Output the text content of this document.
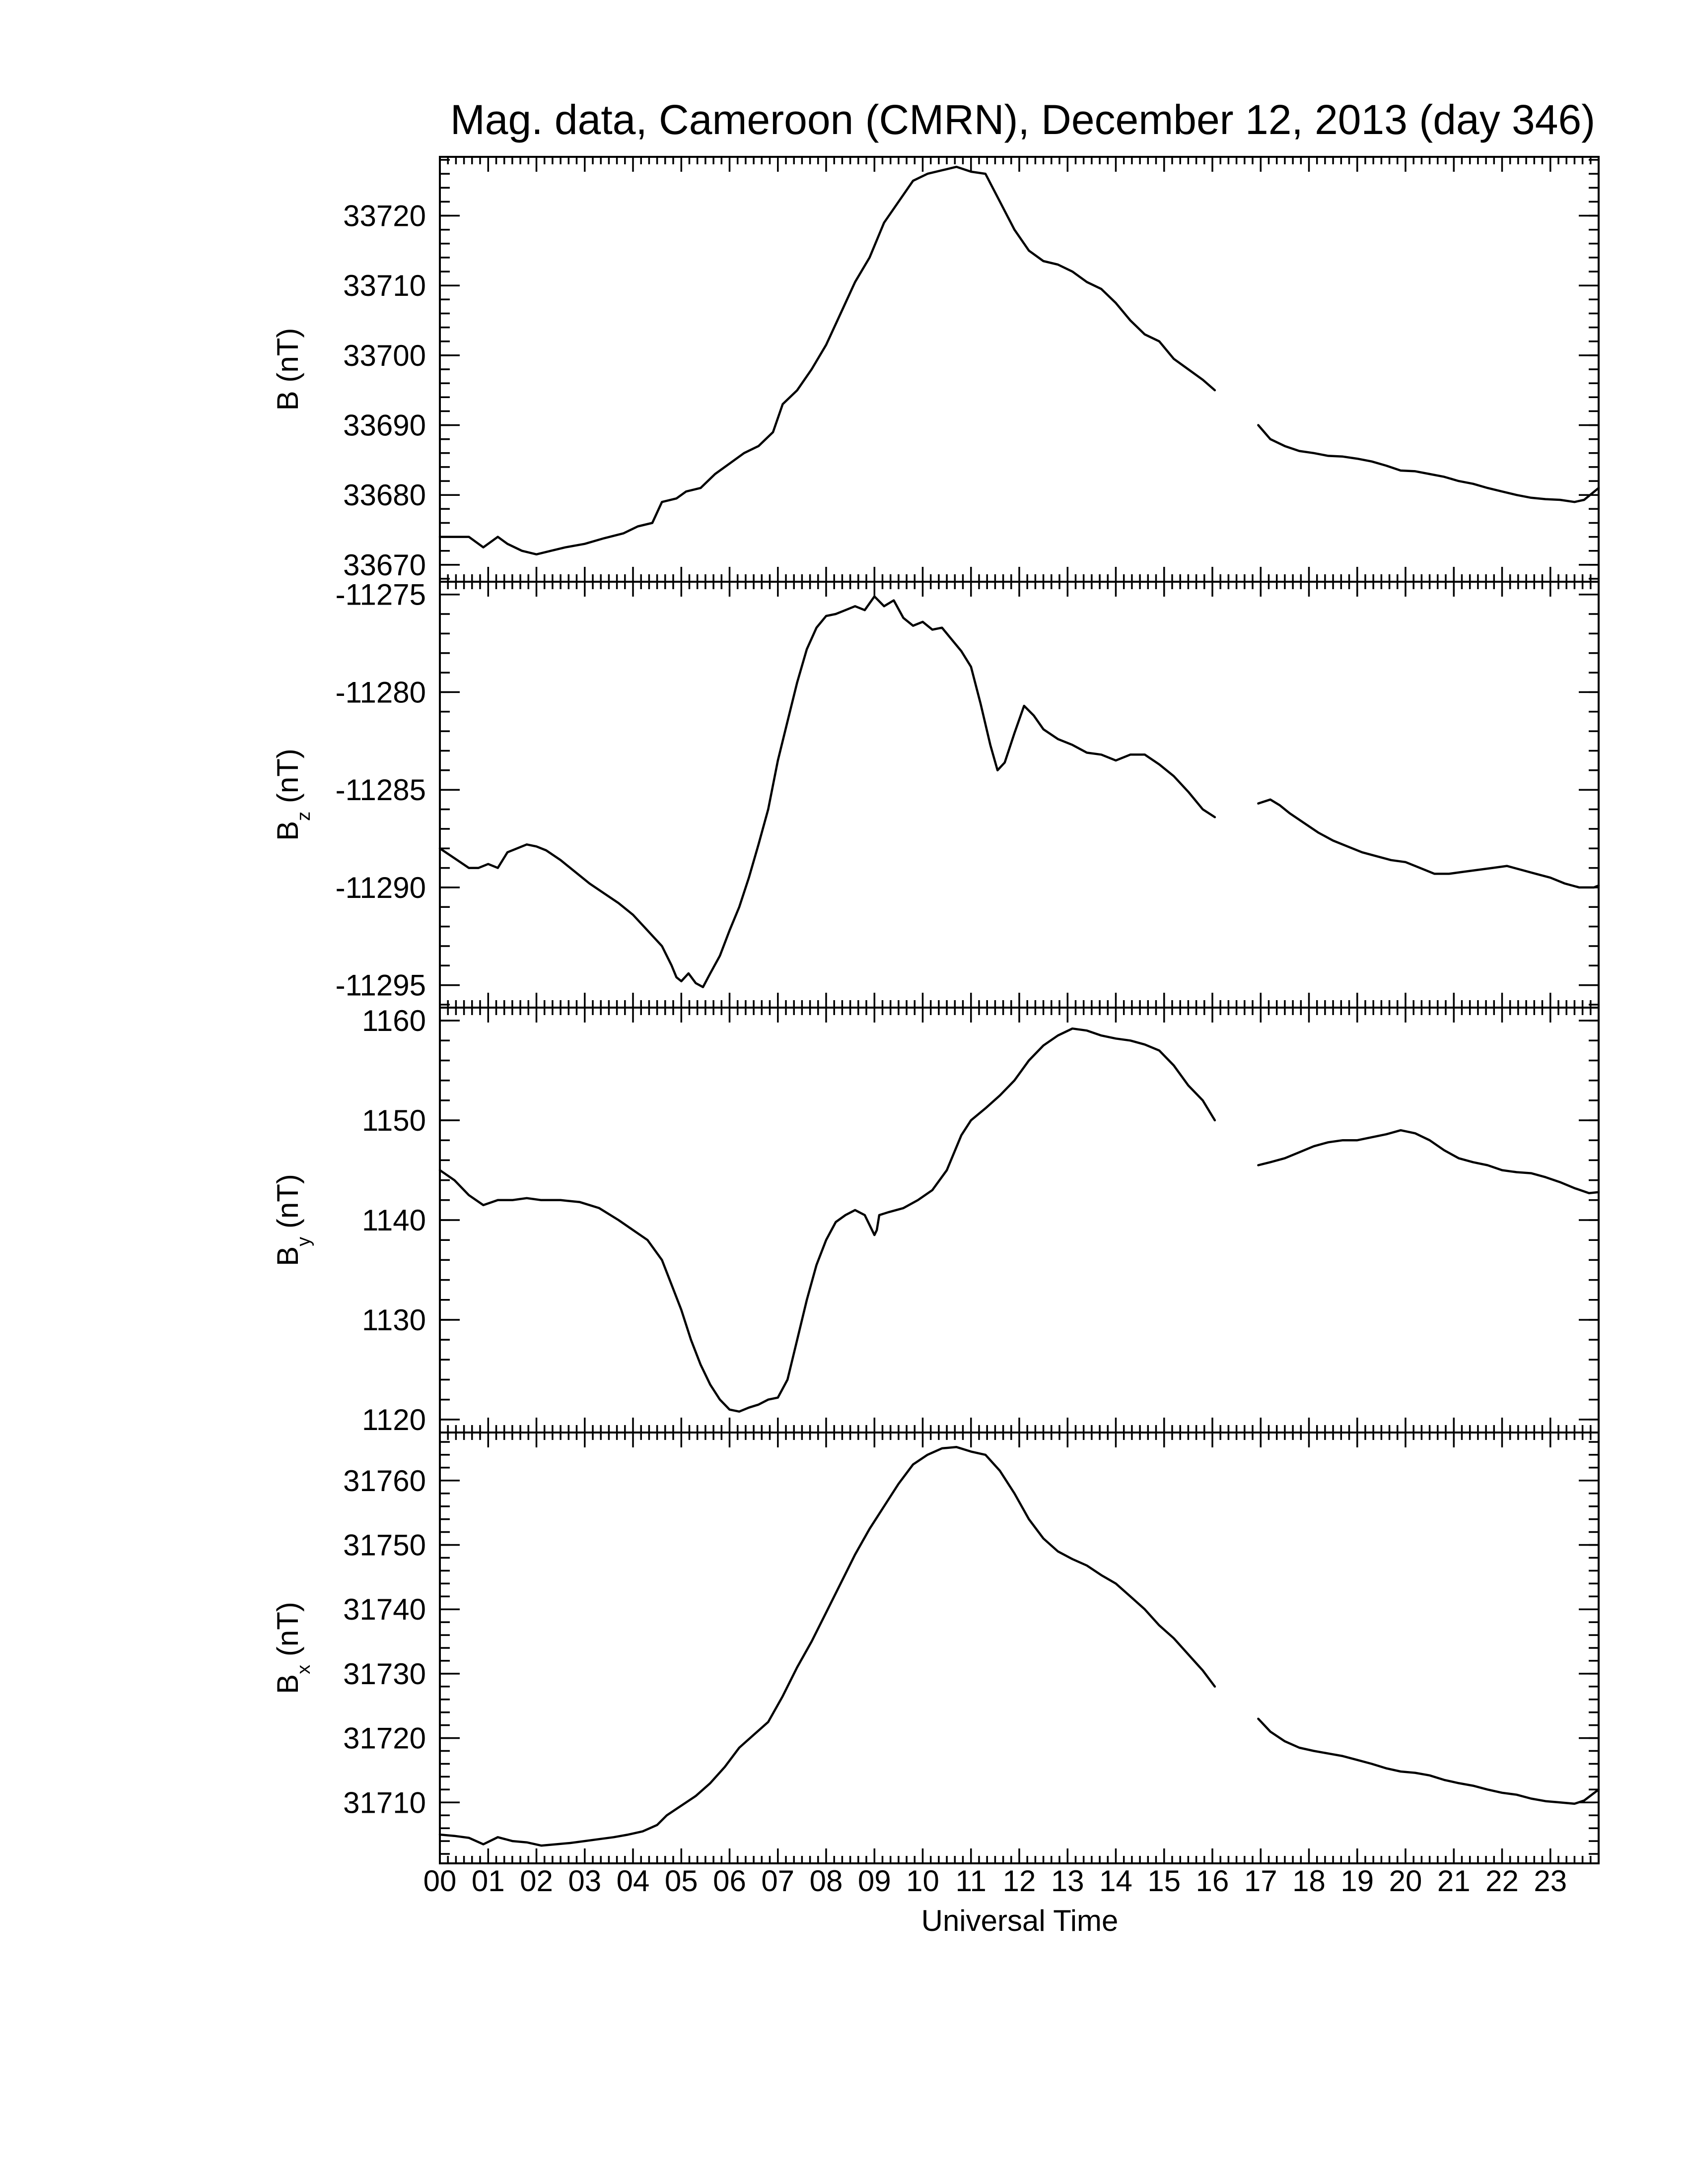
Mag. data, Cameroon (CMRN), December 12, 2013 (day 346)
33670
33680
33690
33700
33710
33720
B (nT)
-11295
-11290
-11285
-11280
-11275
$B_z$ (nT)
1120
1130
1140
1150
1160
$B_y$ (nT)
31710
31720
31730
31740
31750
31760
$B_x$ (nT)
00 01 02 03 04 05 06 07 08 09 10 11 12 13 14 15 16 17 18 19 20 21 22 23
Universal Time
